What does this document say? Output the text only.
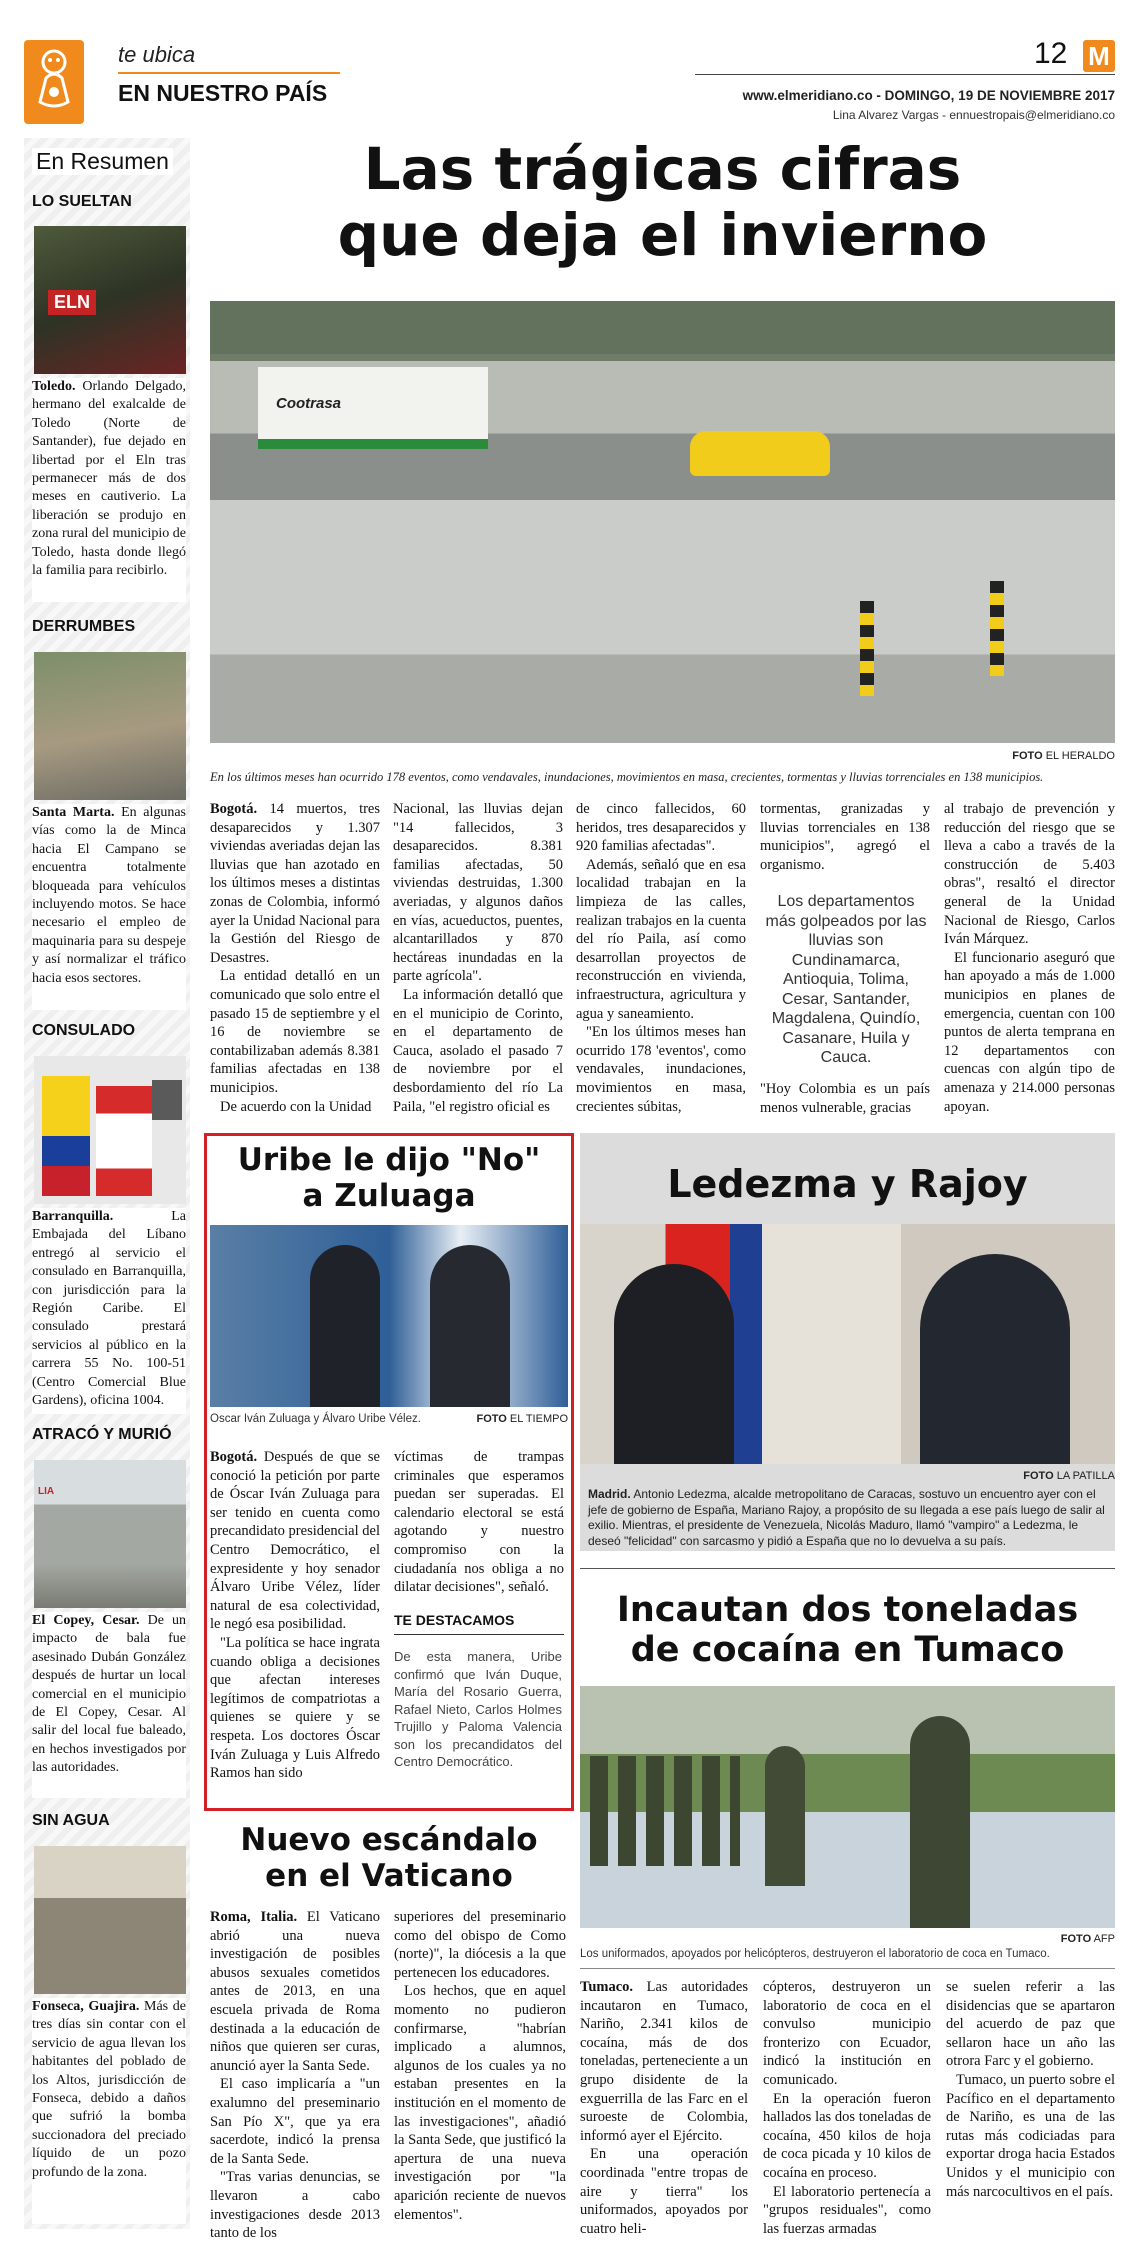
te ubica
EN NUESTRO PAÍS
12 M
www.elmeridiano.co - DOMINGO, 19 DE NOVIEMBRE 2017
Lina Alvarez Vargas - ennuestropais@elmeridiano.co
En Resumen
LO SUELTAN
ELN
Toledo. Orlando Delgado, hermano del exalcalde de Toledo (Norte de Santander), fue dejado en libertad por el Eln tras permanecer más de dos meses en cautiverio. La liberación se produjo en zona rural del municipio de Toledo, hasta donde llegó la familia para recibirlo.
DERRUMBES
Santa Marta. En algunas vías como la de Minca hacia El Campano se encuentra totalmente bloqueada para vehículos incluyendo motos. Se hace necesario el empleo de maquinaria para su despeje y así normalizar el tráfico hacia esos sectores.
CONSULADO
Barranquilla.	La Embajada del Líbano entregó al servicio el consulado en Barranquilla, con jurisdicción para la Región Caribe. El consulado prestará servicios al público en la carrera 55 No. 100-51 (Centro Comercial Blue Gardens), oficina 1004.
ATRACÓ Y MURIÓ
LIA
El Copey, Cesar. De un impacto de bala fue asesinado Dubán González después de hurtar un local comercial en el municipio de El Copey, Cesar. Al salir del local fue baleado, en hechos investigados por las autoridades.
SIN AGUA
Fonseca, Guajira. Más de tres días sin contar con el servicio de agua llevan los habitantes del poblado de los Altos, jurisdicción de Fonseca, debido a daños que sufrió la bomba succionadora del preciado líquido de un pozo profundo de la zona.
Las trágicas cifras
que deja el invierno
Cootrasa
FOTO EL HERALDO
En los últimos meses han ocurrido 178 eventos, como vendavales, inundaciones, movimientos en masa, crecientes, tormentas y lluvias torrenciales en 138 municipios.
Bogotá. 14 muertos, tres desaparecidos y 1.307 viviendas averiadas dejan las lluvias que han azotado en los últimos meses a distintas zonas de Colombia, informó ayer la Unidad Nacional para la Gestión del Riesgo de Desastres.
La entidad detalló en un comunicado que solo entre el pasado 15 de septiembre y el 16 de noviembre se contabilizaban además 8.381 familias afectadas en 138 municipios.
De acuerdo con la Unidad
Nacional, las lluvias dejan "14 fallecidos, 3 desaparecidos. 8.381 familias afectadas, 50 viviendas destruidas, 1.300 averiadas, y algunos daños en vías, acueductos, puentes, alcantarillados y 870 hectáreas inundadas en la parte agrícola".
La información detalló que en el municipio de Corinto, en el departamento de Cauca, asolado el pasado 7 de noviembre por el desbordamiento del río La Paila, "el registro oficial es
de cinco fallecidos, 60 heridos, tres desaparecidos y 920 familias afectadas".
Además, señaló que en esa localidad trabajan en la limpieza de las calles, realizan trabajos en la cuenta del río Paila, así como desarrollan proyectos de reconstrucción en vivienda, infraestructura, agricultura y agua y saneamiento.
"En los últimos meses han ocurrido 178 'eventos', como vendavales, inundaciones, movimientos en masa, crecientes súbitas,
tormentas, granizadas y lluvias torrenciales en 138 municipios", agregó el organismo.
Los departamentos más golpeados por las lluvias son Cundinamarca, Antioquia, Tolima, Cesar, Santander, Magdalena, Quindío, Casanare, Huila y Cauca.
"Hoy Colombia es un país menos vulnerable, gracias
al trabajo de prevención y reducción del riesgo que se lleva a cabo a través de la construcción de 5.403 obras", resaltó el director general de la Unidad Nacional de Riesgo, Carlos Iván Márquez.
El funcionario aseguró que han apoyado a más de 1.000 municipios en planes de emergencia, cuentan con 100 puntos de alerta temprana en 12 departamentos con cuencas con algún tipo de amenaza y 214.000 personas apoyan.
Uribe le dijo "No"
a Zuluaga
Oscar Iván Zuluaga y Álvaro Uribe Vélez.	FOTO EL TIEMPO
Bogotá. Después de que se conoció la petición por parte de Óscar Iván Zuluaga para ser tenido en cuenta como precandidato presidencial del Centro Democrático, el expresidente y hoy senador Álvaro Uribe Vélez, líder natural de esa colectividad, le negó esa posibilidad.
"La política se hace ingrata cuando obliga a decisiones que afectan intereses legítimos de compatriotas a quienes se quiere y se respeta. Los doctores Óscar Iván Zuluaga y Luis Alfredo Ramos han sido
víctimas de trampas criminales que esperamos puedan ser superadas. El calendario electoral se está agotando y nuestro compromiso con la ciudadanía nos obliga a no dilatar decisiones", señaló.
TE DESTACAMOS
De esta manera, Uribe confirmó que Iván Duque, María del Rosario Guerra, Rafael Nieto, Carlos Holmes Trujillo y Paloma Valencia son los precandidatos del Centro Democrático.
Ledezma y Rajoy
FOTO LA PATILLA
Madrid. Antonio Ledezma, alcalde metropolitano de Caracas, sostuvo un encuentro ayer con el jefe de gobierno de España, Mariano Rajoy, a propósito de su llegada a ese país luego de salir al exilio. Mientras, el presidente de Venezuela, Nicolás Maduro, llamó "vampiro" a Ledezma, le deseó "felicidad" con sarcasmo y pidió a España que no lo devuelva a su país.
Nuevo escándalo
en el Vaticano
Roma, Italia. El Vaticano abrió una nueva investigación de posibles abusos sexuales cometidos antes de 2013, en una escuela privada de Roma destinada a la educación de niños que quieren ser curas, anunció ayer la Santa Sede.
El caso implicaría a "un exalumno del preseminario San Pío X", que ya era sacerdote, indicó la prensa de la Santa Sede.
"Tras varias denuncias, se llevaron a cabo investigaciones desde 2013 tanto de los
superiores del preseminario como del obispo de Como (norte)", la diócesis a la que pertenecen los educadores.
Los hechos, que en aquel momento no pudieron confirmarse, "habrían implicado a alumnos, algunos de los cuales ya no estaban presentes en la institución en el momento de las investigaciones", añadió la Santa Sede, que justificó la apertura de una nueva investigación por "la aparición reciente de nuevos elementos".
Incautan dos toneladas
de cocaína en Tumaco
FOTO AFP
Los uniformados, apoyados por helicópteros, destruyeron el laboratorio de coca en Tumaco.
Tumaco. Las autoridades incautaron en Tumaco, Nariño, 2.341 kilos de cocaína, más de dos toneladas, perteneciente a un grupo disidente de la exguerrilla de las Farc en el suroeste de Colombia, informó ayer el Ejército.
En una operación coordinada "entre tropas de aire y tierra" los uniformados, apoyados por cuatro heli-
cópteros, destruyeron un laboratorio de coca en el convulso municipio fronterizo con Ecuador, indicó la institución en comunicado.
En la operación fueron hallados las dos toneladas de cocaína, 450 kilos de hoja de coca picada y 10 kilos de cocaína en proceso.
El laboratorio pertenecía a "grupos residuales", como las fuerzas armadas
se suelen referir a las disidencias que se apartaron del acuerdo de paz que sellaron hace un año las otrora Farc y el gobierno.
Tumaco, un puerto sobre el Pacífico en el departamento de Nariño, es una de las rutas más codiciadas para exportar droga hacia Estados Unidos y el municipio con más narcocultivos en el país.
